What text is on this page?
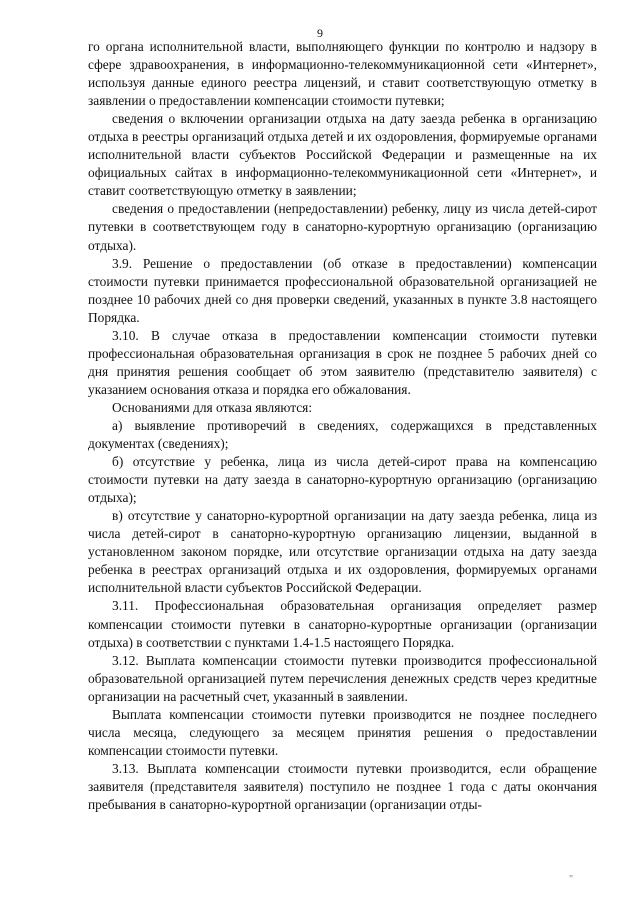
9

го органа исполнительной власти, выполняющего функции по контролю и надзору в сфере здравоохранения, в информационно-телекоммуникационной сети «Интернет», используя данные единого реестра лицензий, и ставит соответствующую отметку в заявлении о предоставлении компенсации стоимости путевки;

сведения о включении организации отдыха на дату заезда ребенка в организацию отдыха в реестры организаций отдыха детей и их оздоровления, формируемые органами исполнительной власти субъектов Российской Федерации и размещенные на их официальных сайтах в информационно-телекоммуникационной сети «Интернет», и ставит соответствующую отметку в заявлении;

сведения о предоставлении (непредоставлении) ребенку, лицу из числа детей-сирот путевки в соответствующем году в санаторно-курортную организацию (организацию отдыха).

3.9. Решение о предоставлении (об отказе в предоставлении) компенсации стоимости путевки принимается профессиональной образовательной организацией не позднее 10 рабочих дней со дня проверки сведений, указанных в пункте 3.8 настоящего Порядка.

3.10. В случае отказа в предоставлении компенсации стоимости путевки профессиональная образовательная организация в срок не позднее 5 рабочих дней со дня принятия решения сообщает об этом заявителю (представителю заявителя) с указанием основания отказа и порядка его обжалования.

Основаниями для отказа являются:

а) выявление противоречий в сведениях, содержащихся в представленных документах (сведениях);

б) отсутствие у ребенка, лица из числа детей-сирот права на компенсацию стоимости путевки на дату заезда в санаторно-курортную организацию (организацию отдыха);

в) отсутствие у санаторно-курортной организации на дату заезда ребенка, лица из числа детей-сирот в санаторно-курортную организацию лицензии, выданной в установленном законом порядке, или отсутствие организации отдыха на дату заезда ребенка в реестрах организаций отдыха и их оздоровления, формируемых органами исполнительной власти субъектов Российской Федерации.

3.11. Профессиональная образовательная организация определяет размер компенсации стоимости путевки в санаторно-курортные организации (организации отдыха) в соответствии с пунктами 1.4-1.5 настоящего Порядка.

3.12. Выплата компенсации стоимости путевки производится профессиональной образовательной организацией путем перечисления денежных средств через кредитные организации на расчетный счет, указанный в заявлении.

Выплата компенсации стоимости путевки производится не позднее последнего числа месяца, следующего за месяцем принятия решения о предоставлении компенсации стоимости путевки.

3.13. Выплата компенсации стоимости путевки производится, если обращение заявителя (представителя заявителя) поступило не позднее 1 года с даты окончания пребывания в санаторно-курортной организации (организации отды-

"
